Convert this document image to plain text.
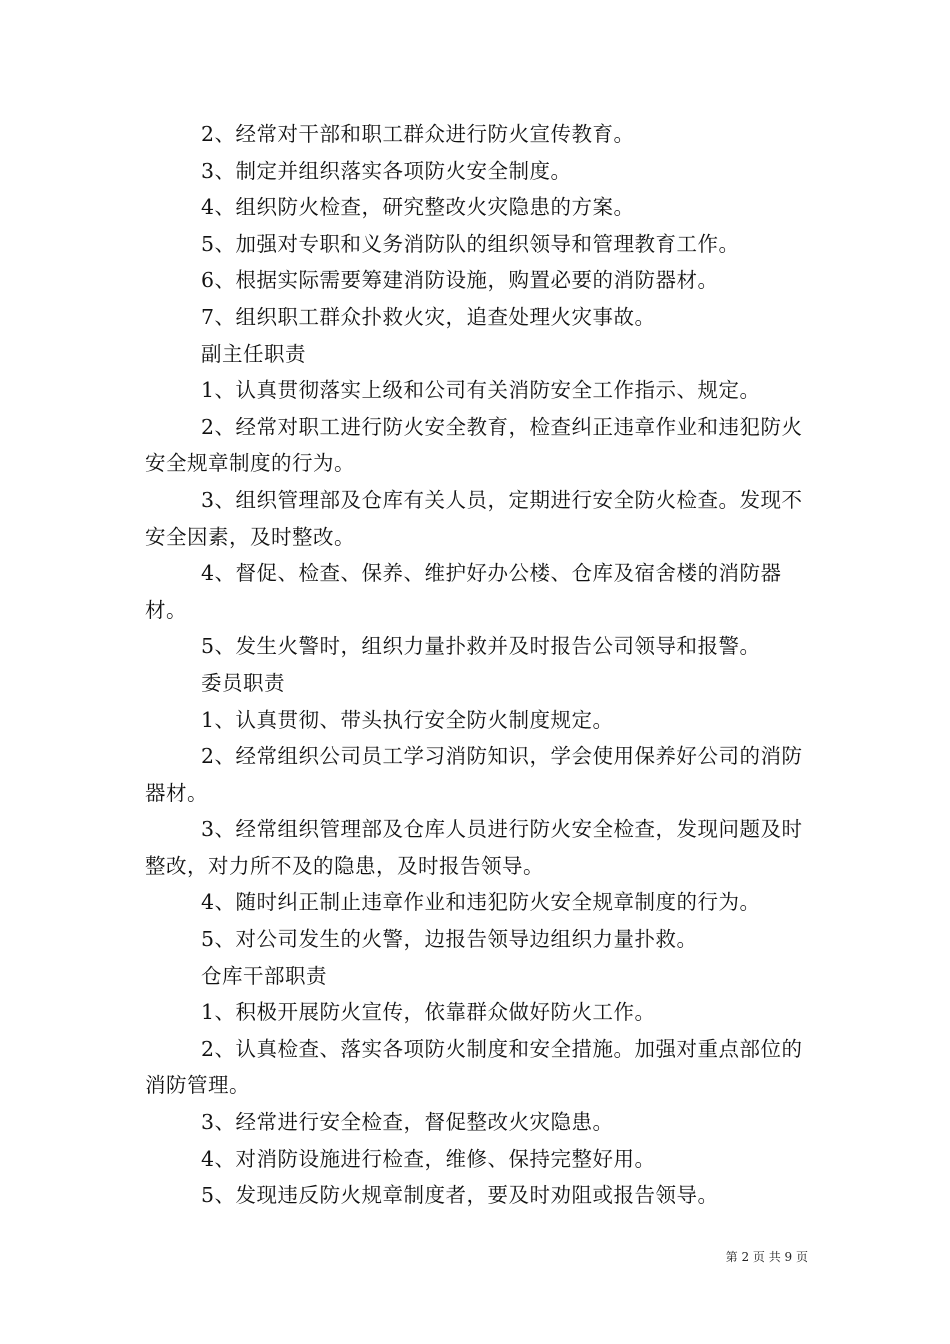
2、经常对干部和职工群众进行防火宣传教育。

3、制定并组织落实各项防火安全制度。

4、组织防火检查，研究整改火灾隐患的方案。

5、加强对专职和义务消防队的组织领导和管理教育工作。

6、根据实际需要筹建消防设施，购置必要的消防器材。

7、组织职工群众扑救火灾，追查处理火灾事故。

副主任职责

1、认真贯彻落实上级和公司有关消防安全工作指示、规定。

2、经常对职工进行防火安全教育，检查纠正违章作业和违犯防火安全规章制度的行为。

3、组织管理部及仓库有关人员，定期进行安全防火检查。发现不安全因素，及时整改。

4、督促、检查、保养、维护好办公楼、仓库及宿舍楼的消防器材。

5、发生火警时，组织力量扑救并及时报告公司领导和报警。

委员职责

1、认真贯彻、带头执行安全防火制度规定。

2、经常组织公司员工学习消防知识，学会使用保养好公司的消防器材。

3、经常组织管理部及仓库人员进行防火安全检查，发现问题及时整改，对力所不及的隐患，及时报告领导。

4、随时纠正制止违章作业和违犯防火安全规章制度的行为。

5、对公司发生的火警，边报告领导边组织力量扑救。

仓库干部职责

1、积极开展防火宣传，依靠群众做好防火工作。

2、认真检查、落实各项防火制度和安全措施。加强对重点部位的消防管理。

3、经常进行安全检查，督促整改火灾隐患。

4、对消防设施进行检查，维修、保持完整好用。

5、发现违反防火规章制度者，要及时劝阻或报告领导。

第 2 页 共 9 页
